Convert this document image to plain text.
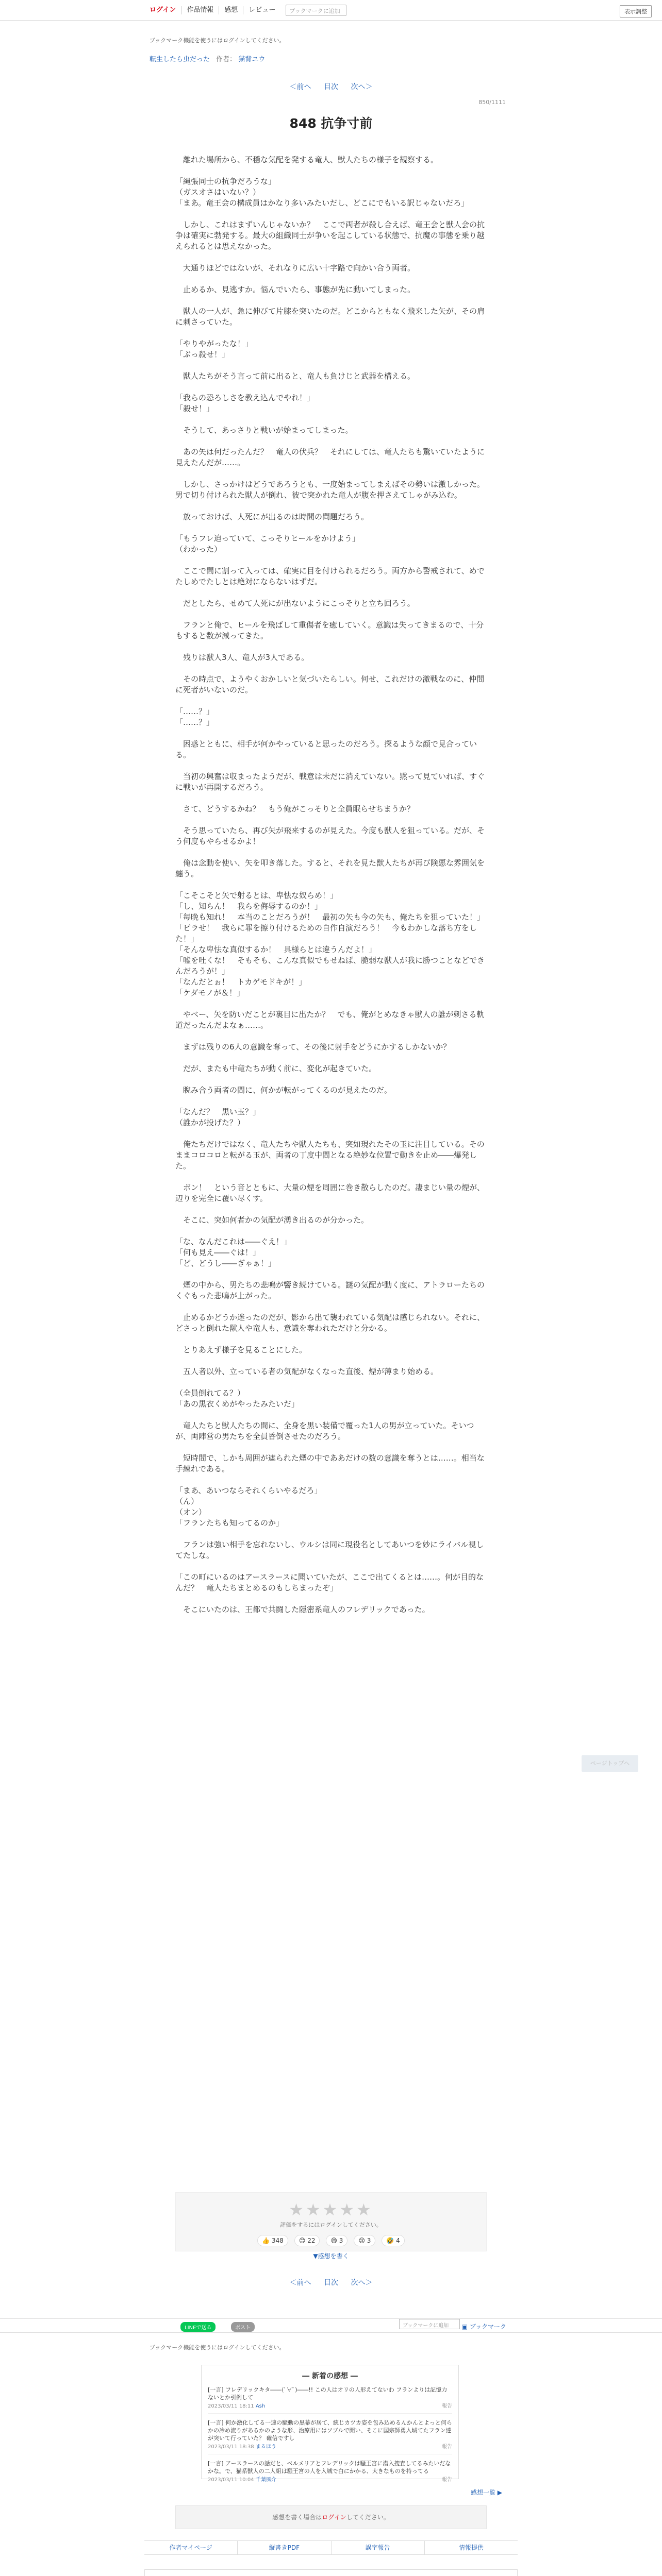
ログイン	作品情報	感想	レビュー	ブックマークに追加	表示調整
ブックマーク機能を使うにはログインしてください。
転生したら虫だった 作者： 猫背ユウ
＜前へ 目次 次へ＞
850/1111
848 抗争寸前

　離れた場所から、不穏な気配を発する竜人、獣人たちの様子を観察する。

「縄張同士の抗争だろうな」

（ガスオさはいない？）

「まあ。竜王会の構成員はかなり多いみたいだし、どこにでもいる訳じゃないだろ」

　しかし、これはまずいんじゃないか？　ここで両者が殺し合えば、竜王会と獣人会の抗争は確実に勃発する。最大の組織同士が争いを起こしている状態で、抗魔の事態を乗り越えられるとは思えなかった。

　大通りほどではないが、それなりに広い十字路で向かい合う両者。

　止めるか、見逃すか。悩んでいたら、事態が先に動いてしまった。

　獣人の一人が、急に伸びて片膝を突いたのだ。どこからともなく飛来した矢が、その肩に刺さっていた。

「やりやがったな！」

「ぶっ殺せ！」

　獣人たちがそう言って前に出ると、竜人も負けじと武器を構える。

「我らの恐ろしさを教え込んでやれ！」

「殺せ！」

　そうして、あっさりと戦いが始まってしまった。

　あの矢は何だったんだ？　竜人の伏兵？　それにしては、竜人たちも驚いていたように見えたんだが……。

　しかし、さっかけはどうであろうとも、一度始まってしまえばその勢いは激しかった。男で切り付けられた獣人が倒れ、彼で突かれた竜人が腹を押さえてしゃがみ込む。

　放っておけば、人死にが出るのは時間の問題だろう。

「もうフレ迫っていて、こっそりヒールをかけよう」

（わかった）

　ここで間に割って入っては、確実に目を付けられるだろう。両方から警戒されて、めでたしめでたしとは絶対にならないはずだ。

　だとしたら、せめて人死にが出ないようにこっそりと立ち回ろう。

　フランと俺で、ヒールを飛ばして重傷者を癒していく。意識は失ってきまるので、十分もすると数が減ってきた。

　残りは獣人3人、竜人が3人である。

　その時点で、ようやくおかしいと気づいたらしい。何せ、これだけの激戦なのに、仲間に死者がいないのだ。

「……？」

「……？」

　困惑とともに、相手が何かやっていると思ったのだろう。探るような顔で見合っている。

　当初の興奮は収まったようだが、戦意は未だに消えていない。黙って見ていれば、すぐに戦いが再開するだろう。

　さて、どうするかね？　もう俺がこっそりと全員眠らせちまうか？

　そう思っていたら、再び矢が飛来するのが見えた。今度も獣人を狙っている。だが、そう何度もやらせるかよ！

　俺は念動を使い、矢を叩き落した。すると、それを見た獣人たちが再び険悪な雰囲気を纏う。

「こそこそと矢で射るとは、卑怯な奴らめ！」

「し、知らん！　我らを侮辱するのか！」

「毎晩も知れ！　本当のことだろうが！　最初の矢も今の矢も、俺たちを狙っていた！」

「ピラせ！　我らに罪を擦り付けるための自作自演だろう！　今もわかしな落ち方をした！」

「そんな卑怯な真似するか！　具様らとは違うんだよ！」

「嘘を吐くな！　そもそも、こんな真似でもせねば、脆弱な獣人が我に勝つことなどできんだろうが！」

「なんだとぉ！　トカゲモドキが！」

「ケダモノが＆！」

　やべー、矢を防いだことが裏目に出たか？　でも、俺がとめなきゃ獣人の誰が刺さる軌道だったんだよなぁ……。

　まずは残りの6人の意識を奪って、その後に射手をどうにかするしかないか？

　だが、またも中竜たちが動く前に、変化が起きていた。

　睨み合う両者の間に、何かが転がってくるのが見えたのだ。

「なんだ？　黒い玉？」

（誰かが投げた？）

　俺たちだけではなく、竜人たちや獣人たちも、突如現れたその玉に注目している。そのままコロコロと転がる玉が、両者の丁度中間となる絶妙な位置で動きを止め――爆発した。

　ボン！　という音とともに、大量の煙を周囲に巻き散らしたのだ。凄まじい量の煙が、辺りを完全に覆い尽くす。

　そこに、突如何者かの気配が湧き出るのが分かった。

「な、なんだこれは――ぐえ！」

「何も見え――ぐは！」

「ど、どうし――ぎゃぁ！」

　煙の中から、男たちの悲鳴が響き続けている。謎の気配が動く度に、アトラローたちのくぐもった悲鳴が上がった。

　止めるかどうか迷ったのだが、影から出て襲われている気配は感じられない。それに、どさっと倒れた獣人や竜人も、意識を奪われただけと分かる。

　とりあえず様子を見ることにした。

　五人者以外、立っている者の気配がなくなった直後、煙が薄まり始める。

（全員倒れてる？）

「あの黒衣くめがやったみたいだ」

　竜人たちと獣人たちの間に、全身を黒い装備で覆った1人の男が立っていた。そいつが、両陣営の男たちを全員昏倒させたのだろう。

　短時間で、しかも周囲が遮られた煙の中でああだけの数の意識を奪うとは……。相当な手練れである。

「まあ、あいつならそれくらいやるだろ」

（ん）

（オン）

「フランたちも知ってるのか」

　フランは強い相手を忘れないし、ウルシは同に現役名としてあいつを妙にライバル視してたしな。

「この町にいるのはアースラースに聞いていたが、ここで出てくるとは……。何が目的なんだ？　竜人たちまとめるのもしちまったぞ」

　そこにいたのは、王都で共闘した隠密系竜人のフレデリックであった。

ページトップへ
★★★★★
評価をするにはログインしてください。
👍 348	😊 22	😄 3	😢 3	🤣 4
▼感想を書く
＜前へ 目次 次へ＞
LINEで送る	ポスト	ブックマークに追加	▣ ブックマーク
ブックマーク機能を使うにはログインしてください。
― 新着の感想 ―
[一言] フレデリックキタ――(ﾟ∀ﾟ)――!! この人はオリの人形えてないわ フランよりは記憶力ないとか引例して
2023/03/11 18:11 Ash	報告
[一言] 何か激化してる一連の騒動の黒幕が居て、統じカツカ姿を包み込めるんかんとよっと何らかの冷め流りがあるかのような形、治療用にはソブルで開い、そこに国宗師勇入城てたフラン達が突いて行っていた？ 確信ですし
2023/03/11 18:38 まるほう	報告
[一言] アースラースの話だと、ベルメリアとフレデリックは騒王宮に潜入捜査してるみたいだなかな。で、猫系獣人の二人組は騒王宮の人を入城で白にかかる、大きなものを持ってる
2023/03/11 10:04 千葉風介	報告
感想一覧 ▶
感想を書く場合はログインしてください。
作者マイページ	縦書きPDF	誤字報告	情報提供
